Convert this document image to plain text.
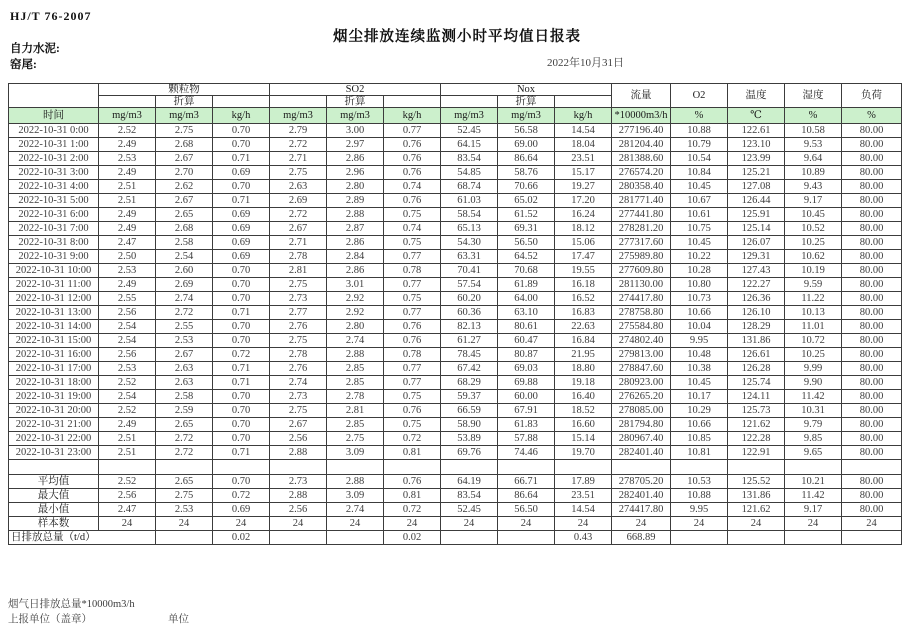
HJ/T 76-2007
烟尘排放连续监测小时平均值日报表
自力水泥:
窑尾:	2022年10月31日
	颗粒物			SO2			Nox			流量	O2	温度	湿度	负荷
		折算			折算			折算						
时间	mg/m3	mg/m3	kg/h	mg/m3	mg/m3	kg/h	mg/m3	mg/m3	kg/h	*10000m3/h	%	℃	%	%
2022-10-31 0:00	2.52	2.75	0.70	2.79	3.00	0.77	52.45	56.58	14.54	277196.40	10.88	122.61	10.58	80.00
2022-10-31 1:00	2.49	2.68	0.70	2.72	2.97	0.76	64.15	69.00	18.04	281204.40	10.79	123.10	9.53	80.00
2022-10-31 2:00	2.53	2.67	0.71	2.71	2.86	0.76	83.54	86.64	23.51	281388.60	10.54	123.99	9.64	80.00
2022-10-31 3:00	2.49	2.70	0.69	2.75	2.96	0.76	54.85	58.76	15.17	276574.20	10.84	125.21	10.89	80.00
2022-10-31 4:00	2.51	2.62	0.70	2.63	2.80	0.74	68.74	70.66	19.27	280358.40	10.45	127.08	9.43	80.00
2022-10-31 5:00	2.51	2.67	0.71	2.69	2.89	0.76	61.03	65.02	17.20	281771.40	10.67	126.44	9.17	80.00
2022-10-31 6:00	2.49	2.65	0.69	2.72	2.88	0.75	58.54	61.52	16.24	277441.80	10.61	125.91	10.45	80.00
2022-10-31 7:00	2.49	2.68	0.69	2.67	2.87	0.74	65.13	69.31	18.12	278281.20	10.75	125.14	10.52	80.00
2022-10-31 8:00	2.47	2.58	0.69	2.71	2.86	0.75	54.30	56.50	15.06	277317.60	10.45	126.07	10.25	80.00
2022-10-31 9:00	2.50	2.54	0.69	2.78	2.84	0.77	63.31	64.52	17.47	275989.80	10.22	129.31	10.62	80.00
2022-10-31 10:00	2.53	2.60	0.70	2.81	2.86	0.78	70.41	70.68	19.55	277609.80	10.28	127.43	10.19	80.00
2022-10-31 11:00	2.49	2.69	0.70	2.75	3.01	0.77	57.54	61.89	16.18	281130.00	10.80	122.27	9.59	80.00
2022-10-31 12:00	2.55	2.74	0.70	2.73	2.92	0.75	60.20	64.00	16.52	274417.80	10.73	126.36	11.22	80.00
2022-10-31 13:00	2.56	2.72	0.71	2.77	2.92	0.77	60.36	63.10	16.83	278758.80	10.66	126.10	10.13	80.00
2022-10-31 14:00	2.54	2.55	0.70	2.76	2.80	0.76	82.13	80.61	22.63	275584.80	10.04	128.29	11.01	80.00
2022-10-31 15:00	2.54	2.53	0.70	2.75	2.74	0.76	61.27	60.47	16.84	274802.40	9.95	131.86	10.72	80.00
2022-10-31 16:00	2.56	2.67	0.72	2.78	2.88	0.78	78.45	80.87	21.95	279813.00	10.48	126.61	10.25	80.00
2022-10-31 17:00	2.53	2.63	0.71	2.76	2.85	0.77	67.42	69.03	18.80	278847.60	10.38	126.28	9.99	80.00
2022-10-31 18:00	2.52	2.63	0.71	2.74	2.85	0.77	68.29	69.88	19.18	280923.00	10.45	125.74	9.90	80.00
2022-10-31 19:00	2.54	2.58	0.70	2.73	2.78	0.75	59.37	60.00	16.40	276265.20	10.17	124.11	11.42	80.00
2022-10-31 20:00	2.52	2.59	0.70	2.75	2.81	0.76	66.59	67.91	18.52	278085.00	10.29	125.73	10.31	80.00
2022-10-31 21:00	2.49	2.65	0.70	2.67	2.85	0.75	58.90	61.83	16.60	281794.80	10.66	121.62	9.79	80.00
2022-10-31 22:00	2.51	2.72	0.70	2.56	2.75	0.72	53.89	57.88	15.14	280967.40	10.85	122.28	9.85	80.00
2022-10-31 23:00	2.51	2.72	0.71	2.88	3.09	0.81	69.76	74.46	19.70	282401.40	10.81	122.91	9.65	80.00

平均值	2.52	2.65	0.70	2.73	2.88	0.76	64.19	66.71	17.89	278705.20	10.53	125.52	10.21	80.00
最大值	2.56	2.75	0.72	2.88	3.09	0.81	83.54	86.64	23.51	282401.40	10.88	131.86	11.42	80.00
最小值	2.47	2.53	0.69	2.56	2.74	0.72	52.45	56.50	14.54	274417.80	9.95	121.62	9.17	80.00
样本数	24	24	24	24	24	24	24	24	24	24	24	24	24	24
日排放总量（t/d）			0.02			0.02			0.43	668.89				
烟气日排放总量*10000m3/h
上报单位（盖章）	单位
